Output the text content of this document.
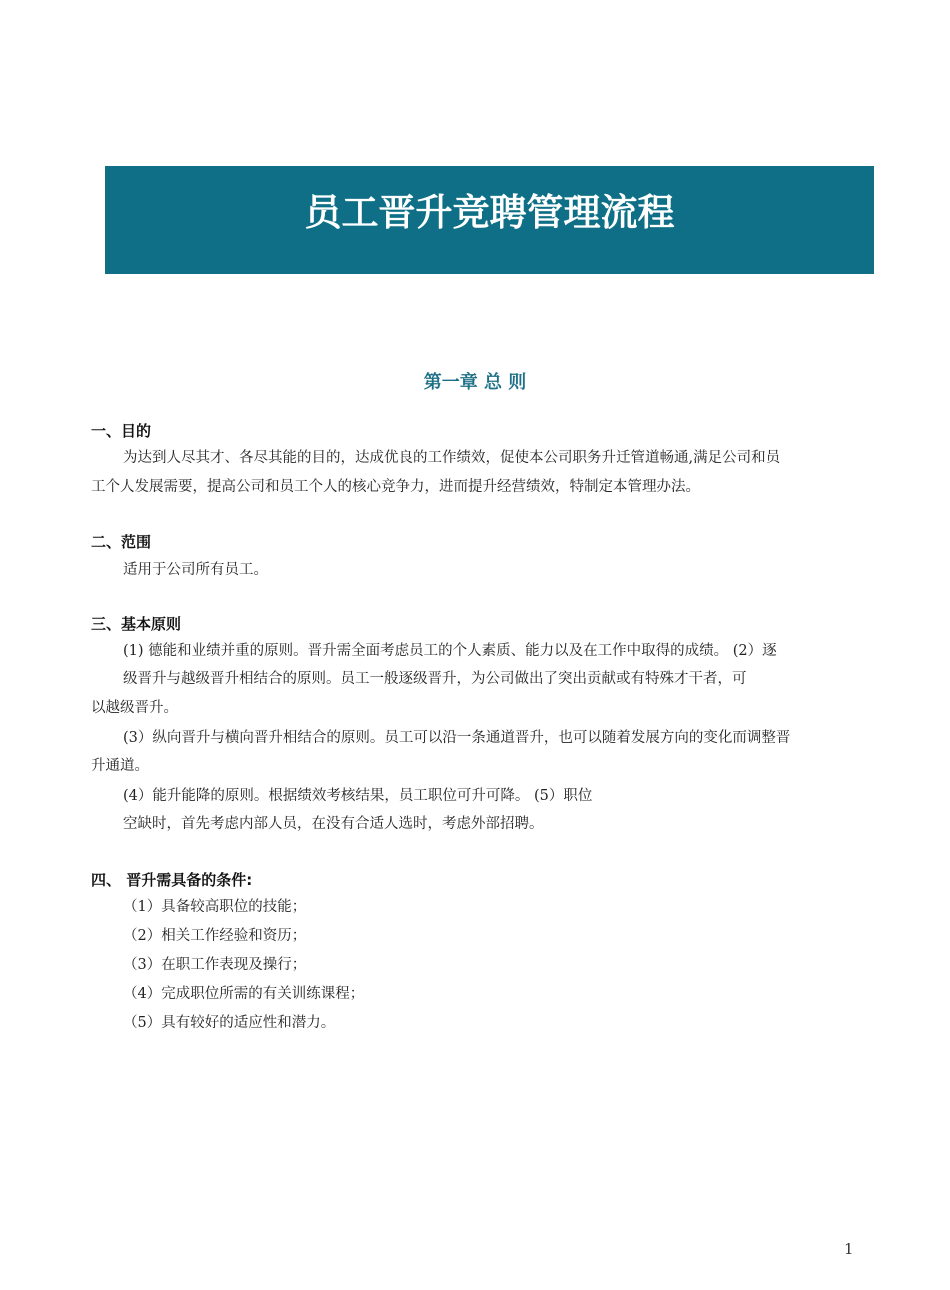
员工晋升竞聘管理流程
第一章 总 则
一、目的
为达到人尽其才、各尽其能的目的，达成优良的工作绩效，促使本公司职务升迁管道畅通,满足公司和员
工个人发展需要，提高公司和员工个人的核心竞争力，进而提升经营绩效，特制定本管理办法。
二、范围
适用于公司所有员工。
三、基本原则
(1) 德能和业绩并重的原则。晋升需全面考虑员工的个人素质、能力以及在工作中取得的成绩。 (2）逐
级晋升与越级晋升相结合的原则。员工一般逐级晋升，为公司做出了突出贡献或有特殊才干者，可
以越级晋升。
(3）纵向晋升与横向晋升相结合的原则。员工可以沿一条通道晋升，也可以随着发展方向的变化而调整晋
升通道。
(4）能升能降的原则。根据绩效考核结果，员工职位可升可降。 (5）职位
空缺时，首先考虑内部人员，在没有合适人选时，考虑外部招聘。
四、 晋升需具备的条件:
（1）具备较高职位的技能；
（2）相关工作经验和资历；
（3）在职工作表现及操行；
（4）完成职位所需的有关训练课程；
（5）具有较好的适应性和潜力。
1
